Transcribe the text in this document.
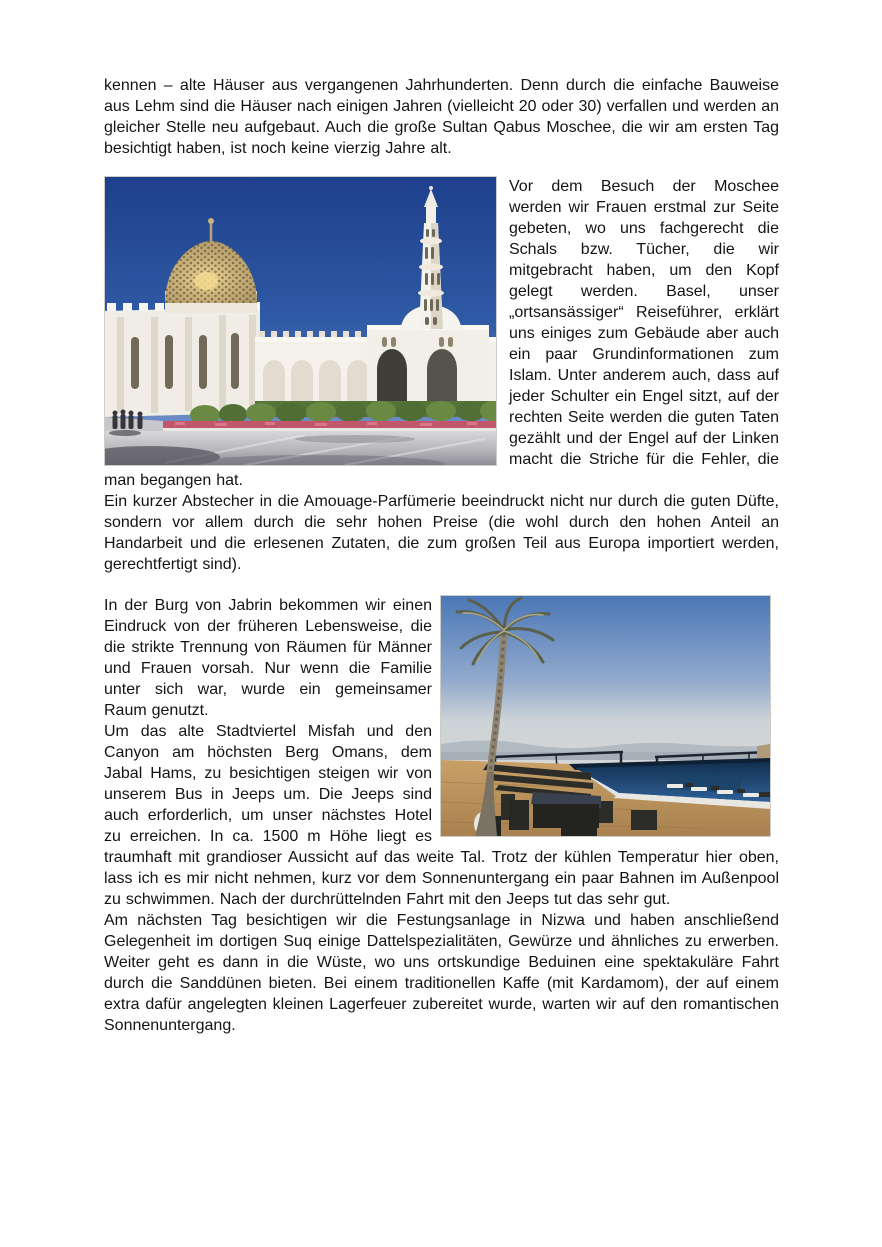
kennen – alte Häuser aus vergangenen Jahrhunderten. Denn durch die einfache Bauweise aus Lehm sind die Häuser nach einigen Jahren (vielleicht 20 oder 30) verfallen und werden an gleicher Stelle neu aufgebaut. Auch die große Sultan Qabus Moschee, die wir am ersten Tag besichtigt haben, ist noch keine vierzig Jahre alt.

Vor dem Besuch der Moschee werden wir Frauen erstmal zur Seite gebeten, wo uns fachgerecht die Schals bzw. Tücher, die wir mitgebracht haben, um den Kopf gelegt werden. Basel, unser „ortsansässiger“ Reiseführer, erklärt uns einiges zum Gebäude aber auch ein paar Grundinformationen zum Islam. Unter anderem auch, dass auf jeder Schulter ein Engel sitzt, auf der rechten Seite werden die guten Taten gezählt und der Engel auf der Linken macht die Striche für die Fehler, die man begangen hat.

Ein kurzer Abstecher in die Amouage-Parfümerie beeindruckt nicht nur durch die guten Düfte, sondern vor allem durch die sehr hohen Preise (die wohl durch den hohen Anteil an Handarbeit und die erlesenen Zutaten, die zum großen Teil aus Europa importiert werden, gerechtfertigt sind).

In der Burg von Jabrin bekommen wir einen Eindruck von der früheren Lebensweise, die die strikte Trennung von Räumen für Männer und Frauen vorsah. Nur wenn die Familie unter sich war, wurde ein gemeinsamer Raum genutzt.

Um das alte Stadtviertel Misfah und den Canyon am höchsten Berg Omans, dem Jabal Hams, zu besichtigen steigen wir von unserem Bus in Jeeps um. Die Jeeps sind auch erforderlich, um unser nächstes Hotel zu erreichen. In ca. 1500 m Höhe liegt es traumhaft mit grandioser Aussicht auf das weite Tal. Trotz der kühlen Temperatur hier oben, lass ich es mir nicht nehmen, kurz vor dem Sonnenuntergang ein paar Bahnen im Außenpool zu schwimmen. Nach der durchrüttelnden Fahrt mit den Jeeps tut das sehr gut.

Am nächsten Tag besichtigen wir die Festungsanlage in Nizwa und haben anschließend Gelegenheit im dortigen Suq einige Dattelspezialitäten, Gewürze und ähnliches zu erwerben. Weiter geht es dann in die Wüste, wo uns ortskundige Beduinen eine spektakuläre Fahrt durch die Sanddünen bieten. Bei einem traditionellen Kaffe (mit Kardamom), der auf einem extra dafür angelegten kleinen Lagerfeuer zubereitet wurde, warten wir auf den romantischen Sonnenuntergang.
